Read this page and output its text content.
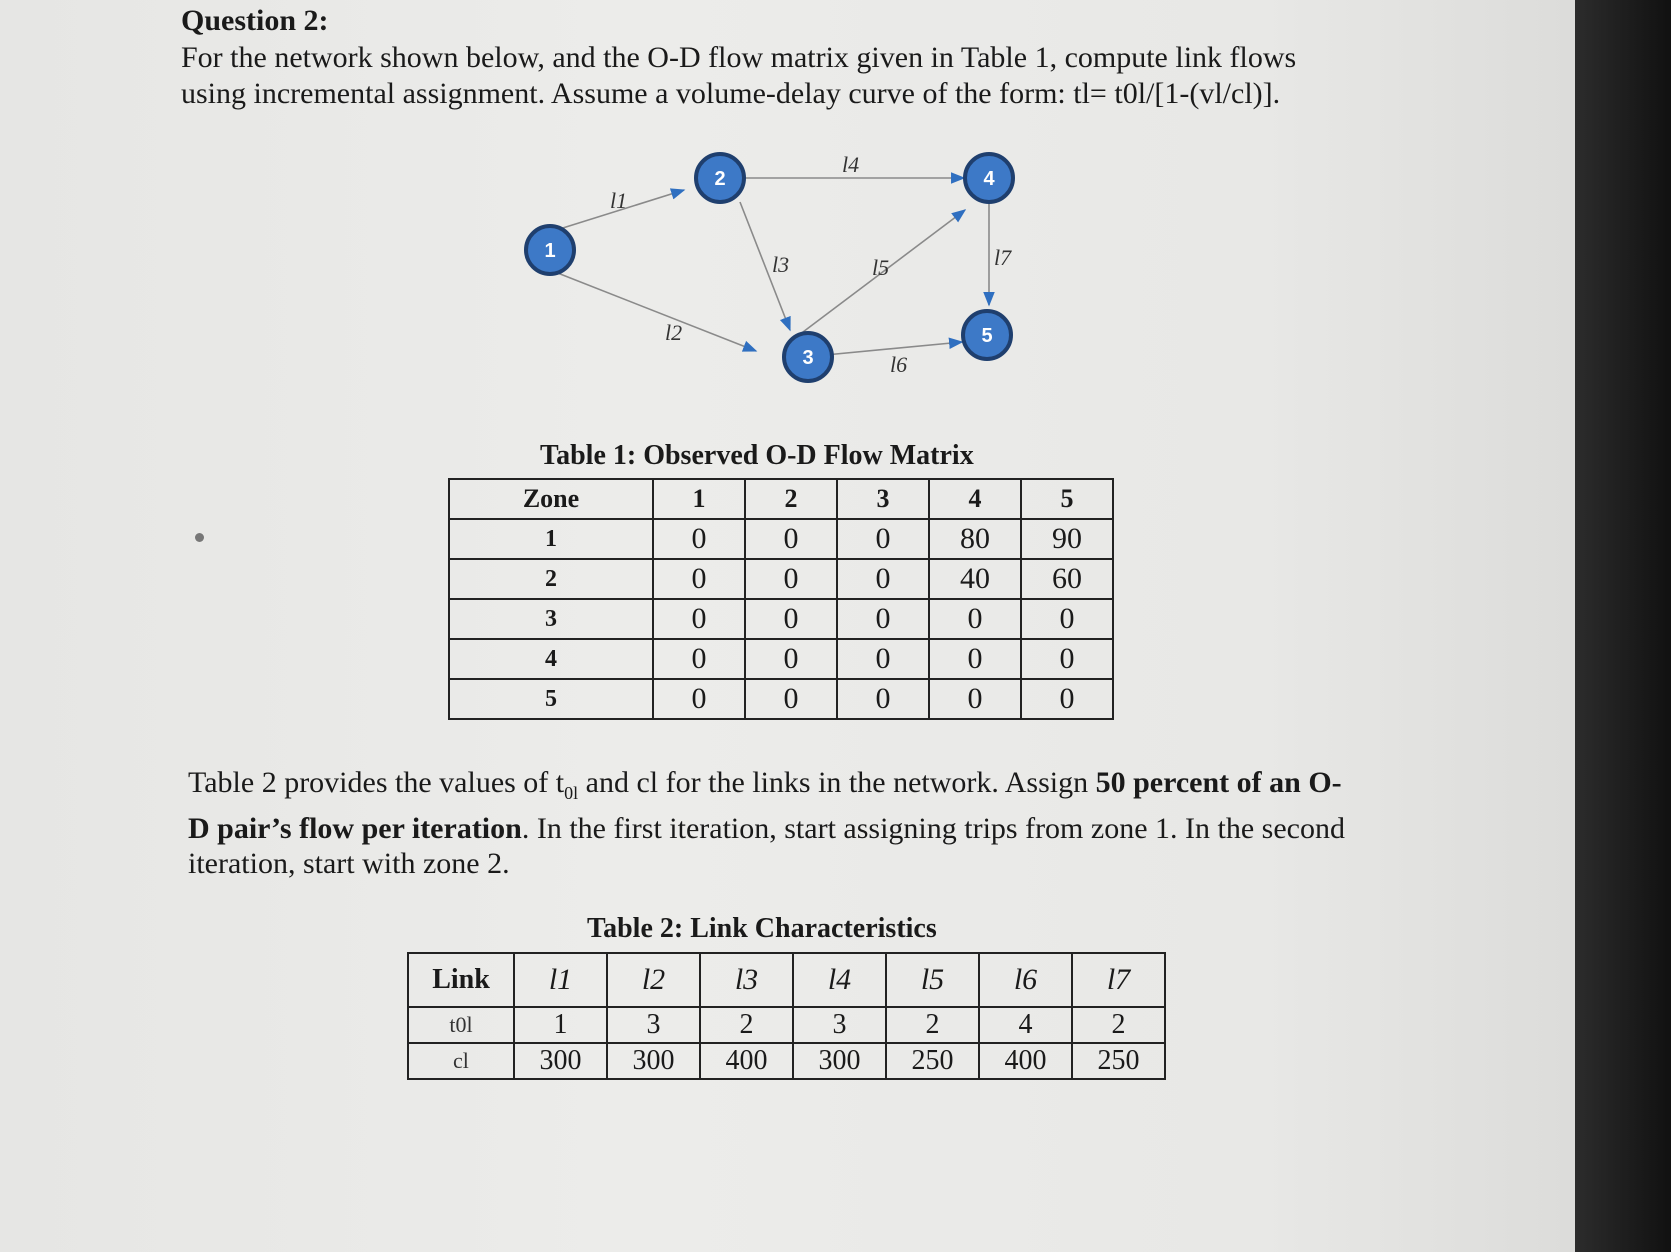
Question 2:

For the network shown below, and the O-D flow matrix given in Table 1, compute link flows

using incremental assignment. Assume a volume-delay curve of the form: tl= t0l/[1-(vl/cl)].

l1
l2
l3
l4
l5
l6
l7
1
2
3
4
5
Table 1: Observed O-D Flow Matrix
Zone	1	2	3	4	5
1	0	0	0	80	90
2	0	0	0	40	60
3	0	0	0	0	0
4	0	0	0	0	0
5	0	0	0	0	0

Table 2 provides the values of $t_{0l}$ and cl for the links in the network. Assign 50 percent of an O-

D pair’s flow per iteration. In the first iteration, start assigning trips from zone 1. In the second

iteration, start with zone 2.

Table 2: Link Characteristics
Link	l1	l2	l3	l4	l5	l6	l7
t0l	1	3	2	3	2	4	2
cl	300	300	400	300	250	400	250
